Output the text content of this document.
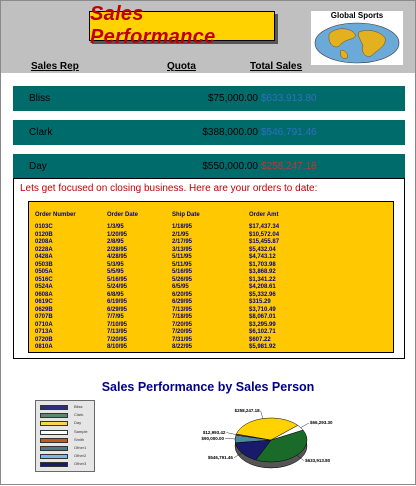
Sales Performance
Global Sports
Sales Rep	Quota	Total Sales
Bliss	$75,000.00 $633,913.80
Clark	$388,000.00 $546,791.46
Day	$550,000.00 $258,247.18
Lets get focused on closing business. Here are your orders to date:
Order Number	Order Date	Ship Date	Order Amt
0103C	1/3/95	1/18/95	$17,437.34
0120B	1/20/95	2/1/95	$10,572.04
0208A	2/8/95	2/17/95	$15,455.87
0228A	2/28/95	3/13/95	$5,432.04
0428A	4/28/95	5/11/95	$4,743.12
0503B	5/3/95	5/11/95	$1,703.98
0505A	5/5/95	5/16/95	$3,868.92
0516C	5/16/95	5/26/95	$1,341.22
0524A	5/24/95	6/5/95	$4,208.61
0608A	6/8/95	6/20/95	$5,332.96
0619C	6/19/95	6/29/95	$315.29
0629B	6/29/95	7/13/95	$3,710.49
0707B	7/7/95	7/18/95	$8,067.01
0710A	7/10/95	7/20/95	$3,295.99
0713A	7/13/95	7/20/95	$6,102.71
0720B	7/20/95	7/31/95	$607.22
0810A	8/10/95	8/22/95	$5,981.92
Sales Performance by Sales Person
Bliss
Clark
Day
Sample
Smith
Other1
Other2
Other3
$633,913.80
$546,791.46
$90,000.00
$12,993.42
$258,247.18
$66,293.30
